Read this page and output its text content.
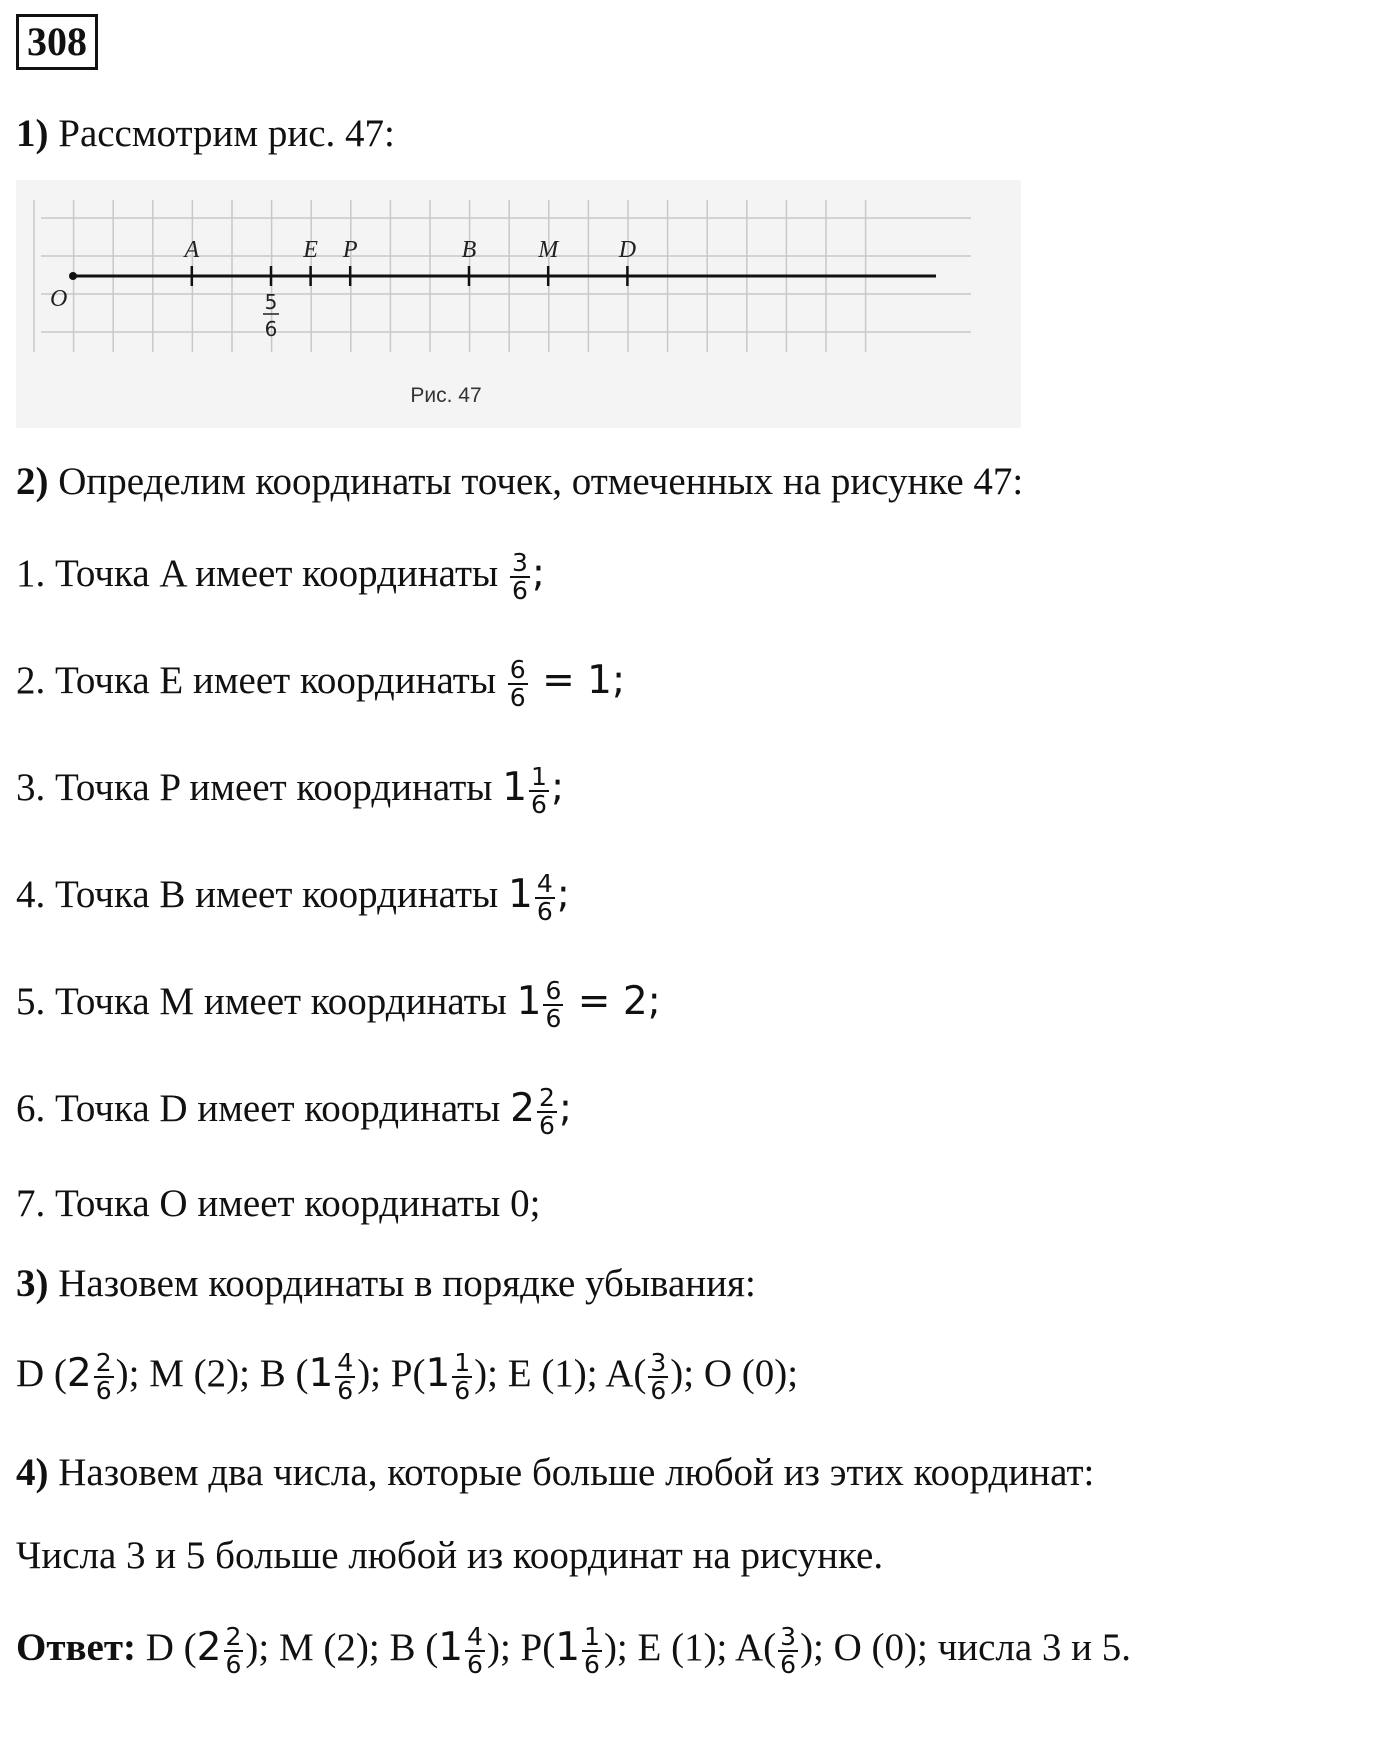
308
1) Рассмотрим рис. 47:
O	5
6
A	E P	B	M	D
Рис. 47
2) Определим координаты точек, отмеченных на рисунке 47:
1. Точка A имеет координаты $\frac{3}{6}$ ;
2. Точка E имеет координаты $\frac{6}{6} = 1$;
3. Точка P имеет координаты $1 \frac{1}{6}$ ;
4. Точка B имеет координаты $1 \frac{4}{6}$ ;
5. Точка M имеет координаты $1 \frac{6}{6} = 2$;
6. Точка D имеет координаты $2 \frac{2}{6}$ ;
7. Точка O имеет координаты 0;
3) Назовем координаты в порядке убывания:
D ($2 \frac{2}{6}$ ); M (2); B ($1 \frac{4}{6}$ ); $P(1 \frac{1}{6}$ ); E (1); $A( \frac{3}{6}$ ); O (0);
4) Назовем два числа, которые больше любой из этих координат:
Числа 3 и 5 больше любой из координат на рисунке.
Ответ: D ($2 \frac{2}{6}$ ); M (2); B ($1 \frac{4}{6}$ ); $P(1 \frac{1}{6}$ ); E (1); $A( \frac{3}{6}$ ); O (0); числа 3 и 5.
